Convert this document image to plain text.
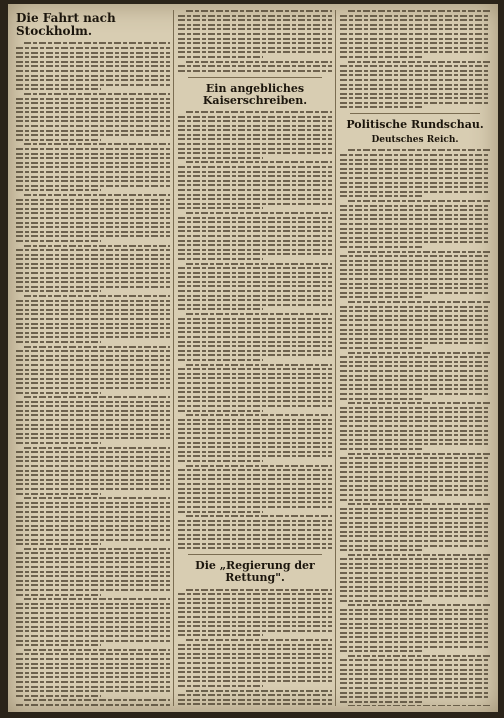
Die Fahrt nach Stockholm.
Ein angebliches Kaiserschreiben.
Die „Regierung der Rettung".
Politische Rundschau.
Deutsches Reich.
